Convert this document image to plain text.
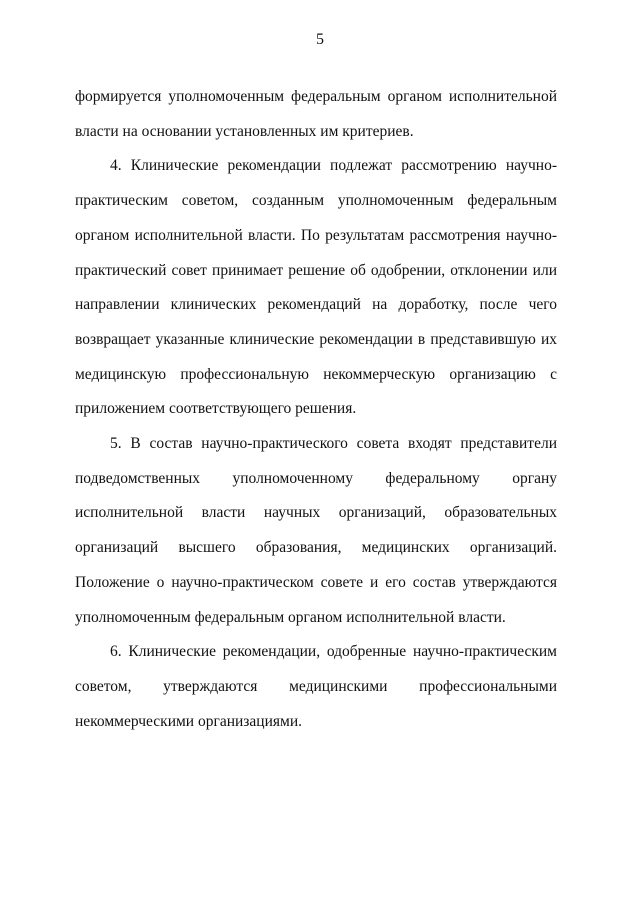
5

формируется уполномоченным федеральным органом исполнительной власти на основании установленных им критериев.

4. Клинические рекомендации подлежат рассмотрению научно-практическим советом, созданным уполномоченным федеральным органом исполнительной власти. По результатам рассмотрения научно-практический совет принимает решение об одобрении, отклонении или направлении клинических рекомендаций на доработку, после чего возвращает указанные клинические рекомендации в представившую их медицинскую профессиональную некоммерческую организацию с приложением соответствующего решения.

5. В состав научно-практического совета входят представители подведомственных уполномоченному федеральному органу исполнительной власти научных организаций, образовательных организаций высшего образования, медицинских организаций. Положение о научно-практическом совете и его состав утверждаются уполномоченным федеральным органом исполнительной власти.

6. Клинические рекомендации, одобренные научно-практическим советом, утверждаются медицинскими профессиональными некоммерческими организациями.
